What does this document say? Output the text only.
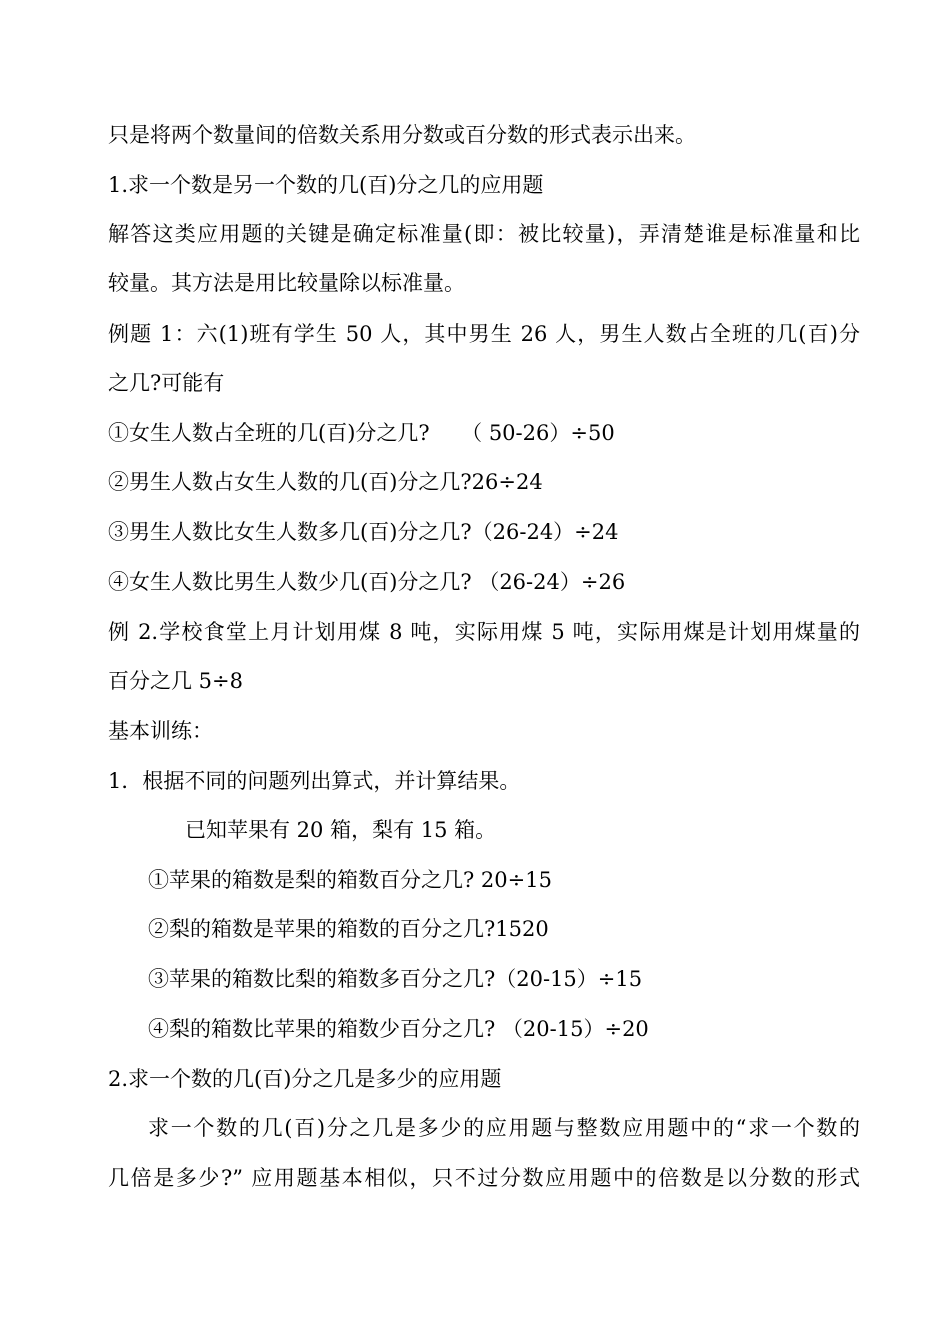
只是将两个数量间的倍数关系用分数或百分数的形式表示出来。
1.求一个数是另一个数的几(百)分之几的应用题
解答这类应用题的关键是确定标准量(即：被比较量)，弄清楚谁是标准量和比
较量。其方法是用比较量除以标准量。
例题 1：六(1)班有学生 50 人，其中男生 26 人，男生人数占全班的几(百)分
之几?可能有
①女生人数占全班的几(百)分之几?　　（ 50-26）÷50
②男生人数占女生人数的几(百)分之几?26÷24
③男生人数比女生人数多几(百)分之几?（26-24）÷24
④女生人数比男生人数少几(百)分之几? （26-24）÷26
例 2.学校食堂上月计划用煤 8 吨，实际用煤 5 吨，实际用煤是计划用煤量的
百分之几 5÷8
基本训练：
1．根据不同的问题列出算式，并计算结果。
已知苹果有 20 箱，梨有 15 箱。
①苹果的箱数是梨的箱数百分之几? 20÷15
②梨的箱数是苹果的箱数的百分之几?1520
③苹果的箱数比梨的箱数多百分之几?（20-15）÷15
④梨的箱数比苹果的箱数少百分之几? （20-15）÷20
2.求一个数的几(百)分之几是多少的应用题
求一个数的几(百)分之几是多少的应用题与整数应用题中的“求一个数的
几倍是多少?” 应用题基本相似，只不过分数应用题中的倍数是以分数的形式
